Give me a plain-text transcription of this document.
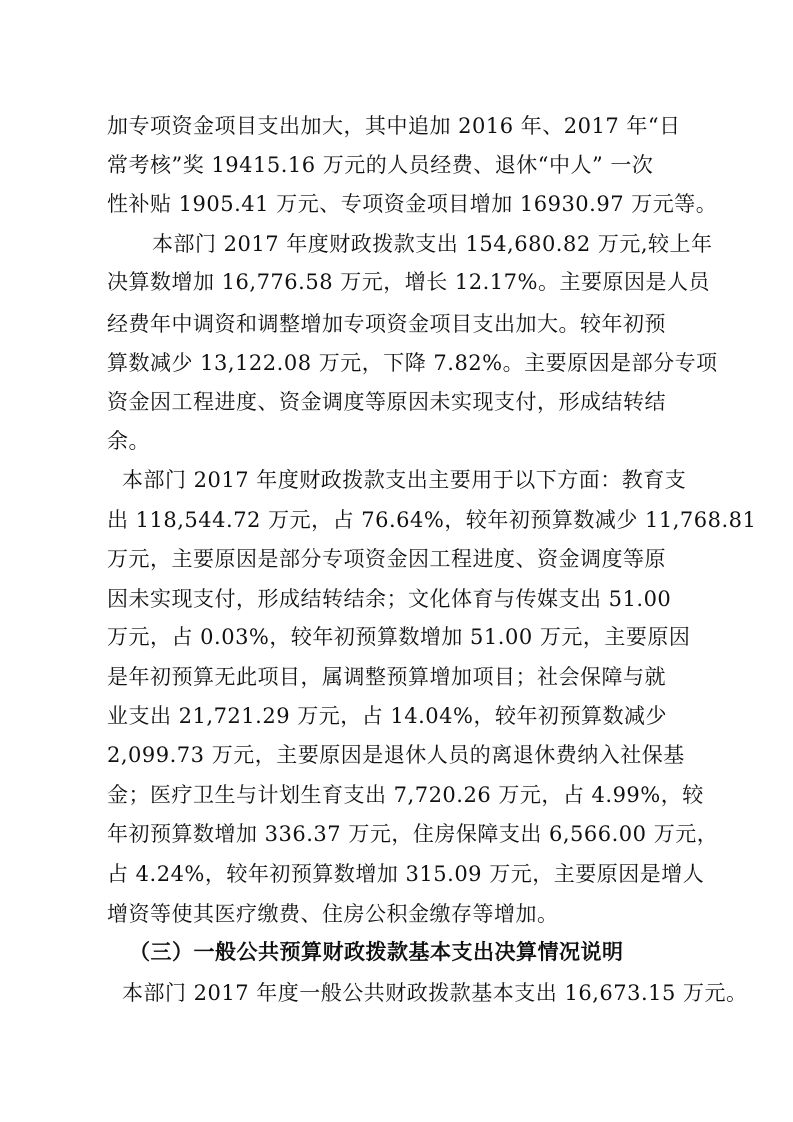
加专项资金项目支出加大，其中追加 2016 年、2017 年“日
常考核”奖 19415.16 万元的人员经费、退休“中人” 一次
性补贴 1905.41 万元、专项资金项目增加 16930.97 万元等。
本部门 2017 年度财政拨款支出 154,680.82 万元,较上年
决算数增加 16,776.58 万元，增长 12.17%。主要原因是人员
经费年中调资和调整增加专项资金项目支出加大。较年初预
算数减少 13,122.08 万元，下降 7.82%。主要原因是部分专项
资金因工程进度、资金调度等原因未实现支付，形成结转结
余。
本部门 2017 年度财政拨款支出主要用于以下方面：教育支
出 118,544.72 万元，占 76.64%，较年初预算数减少 11,768.81
万元，主要原因是部分专项资金因工程进度、资金调度等原
因未实现支付，形成结转结余；文化体育与传媒支出 51.00
万元，占 0.03%，较年初预算数增加 51.00 万元，主要原因
是年初预算无此项目，属调整预算增加项目；社会保障与就
业支出 21,721.29 万元，占 14.04%，较年初预算数减少
2,099.73 万元，主要原因是退休人员的离退休费纳入社保基
金；医疗卫生与计划生育支出 7,720.26 万元，占 4.99%，较
年初预算数增加 336.37 万元，住房保障支出 6,566.00 万元，
占 4.24%，较年初预算数增加 315.09 万元，主要原因是增人
增资等使其医疗缴费、住房公积金缴存等增加。
（三）一般公共预算财政拨款基本支出决算情况说明
本部门 2017 年度一般公共财政拨款基本支出 16,673.15 万元。
